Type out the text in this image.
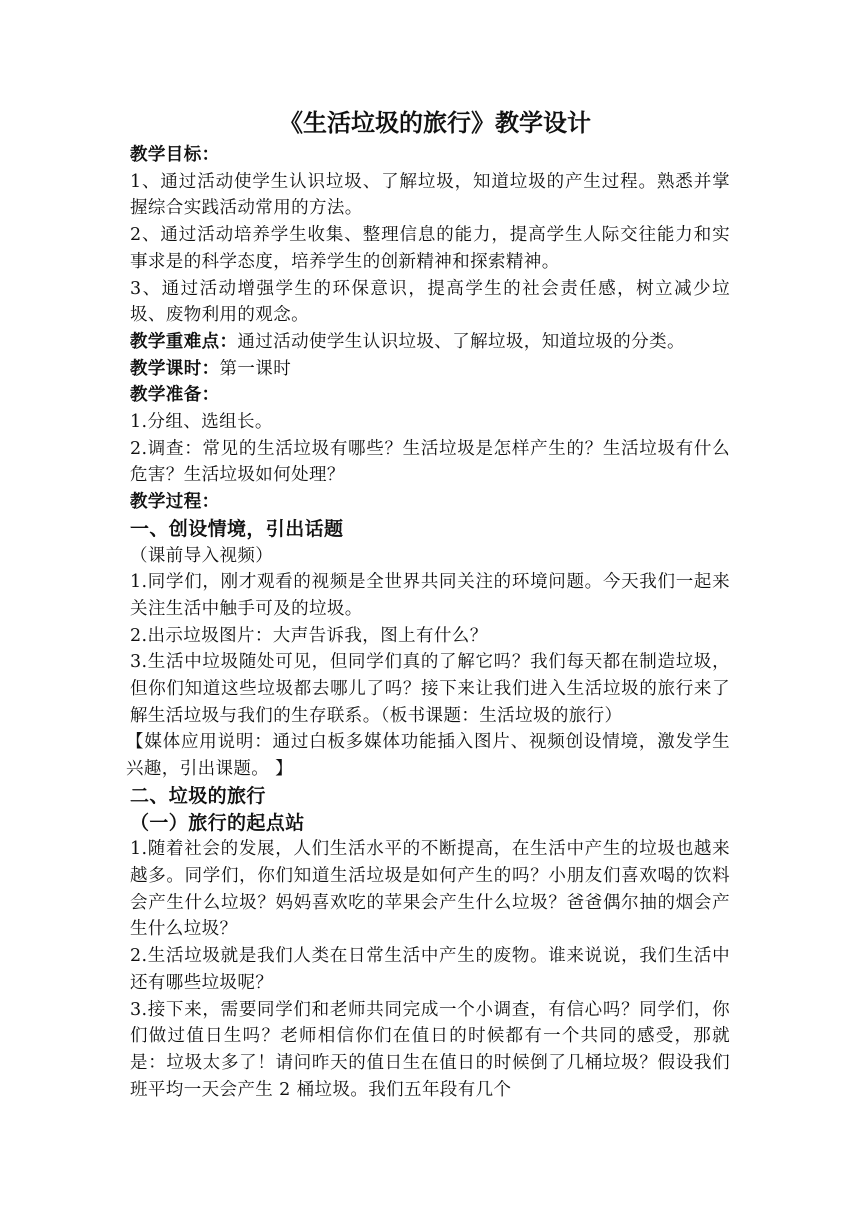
《生活垃圾的旅行》教学设计

教学目标：

1、通过活动使学生认识垃圾、了解垃圾，知道垃圾的产生过程。熟悉并掌握综合实践活动常用的方法。

2、通过活动培养学生收集、整理信息的能力，提高学生人际交往能力和实事求是的科学态度，培养学生的创新精神和探索精神。

3、通过活动增强学生的环保意识，提高学生的社会责任感，树立减少垃圾、废物利用的观念。

教学重难点：通过活动使学生认识垃圾、了解垃圾，知道垃圾的分类。

教学课时：第一课时

教学准备：

1.分组、选组长。

2.调查：常见的生活垃圾有哪些？生活垃圾是怎样产生的？生活垃圾有什么危害？生活垃圾如何处理？

教学过程：

一、创设情境，引出话题

（课前导入视频）

1.同学们，刚才观看的视频是全世界共同关注的环境问题。今天我们一起来关注生活中触手可及的垃圾。

2.出示垃圾图片：大声告诉我，图上有什么？

3.生活中垃圾随处可见，但同学们真的了解它吗？我们每天都在制造垃圾，但你们知道这些垃圾都去哪儿了吗？接下来让我们进入生活垃圾的旅行来了解生活垃圾与我们的生存联系。（板书课题：生活垃圾的旅行）

【媒体应用说明：通过白板多媒体功能插入图片、视频创设情境，激发学生兴趣，引出课题。 】

二、垃圾的旅行

（一）旅行的起点站

1.随着社会的发展，人们生活水平的不断提高，在生活中产生的垃圾也越来越多。同学们，你们知道生活垃圾是如何产生的吗？小朋友们喜欢喝的饮料会产生什么垃圾？妈妈喜欢吃的苹果会产生什么垃圾？爸爸偶尔抽的烟会产生什么垃圾？

2.生活垃圾就是我们人类在日常生活中产生的废物。谁来说说，我们生活中还有哪些垃圾呢？

3.接下来，需要同学们和老师共同完成一个小调查，有信心吗？同学们，你们做过值日生吗？老师相信你们在值日的时候都有一个共同的感受，那就是：垃圾太多了！请问昨天的值日生在值日的时候倒了几桶垃圾？假设我们班平均一天会产生 2 桶垃圾。我们五年段有几个
